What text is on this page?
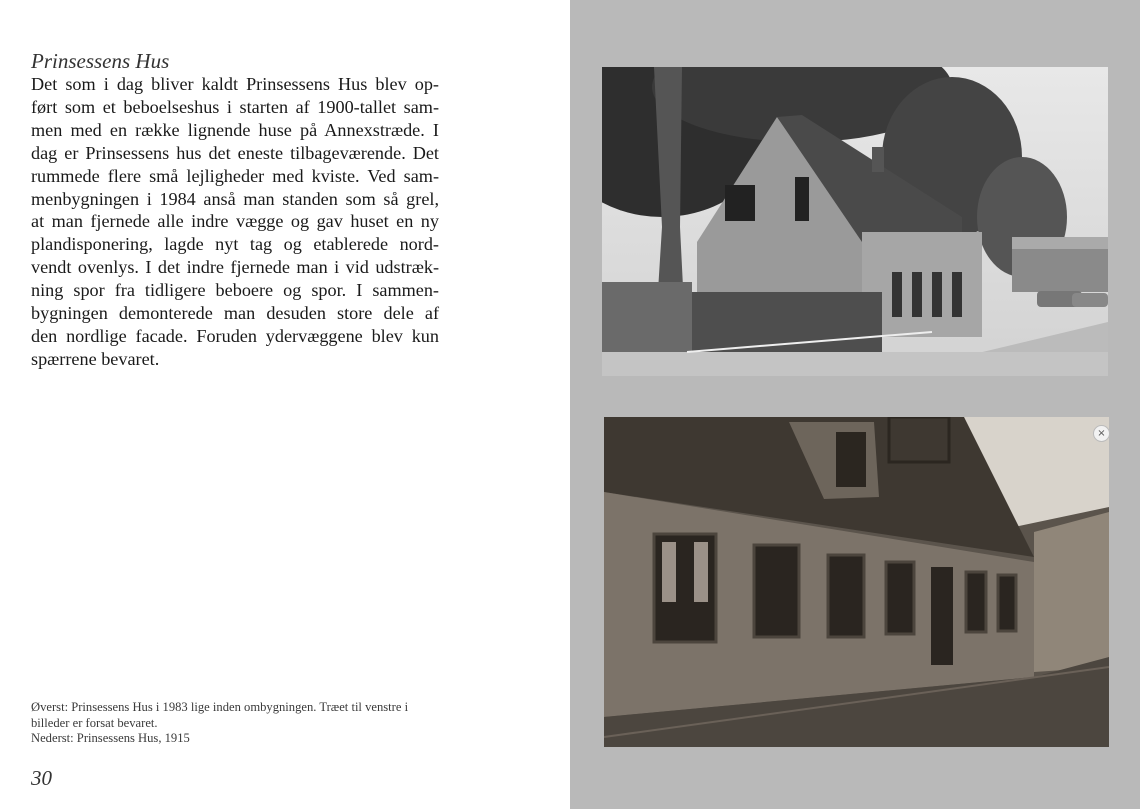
Prinsessens Hus
Det som i dag bliver kaldt Prinsessens Hus blev op-
ført som et beboelseshus i starten af 1900-tallet sam-
men med en række lignende huse på Annexstræde. I
dag er Prinsessens hus det eneste tilbageværende. Det
rummede flere små lejligheder med kviste. Ved sam-
menbygningen i 1984 anså man standen som så grel,
at man fjernede alle indre vægge og gav huset en ny
plandisponering, lagde nyt tag og etablerede nord-
vendt ovenlys. I det indre fjernede man i vid udstræk-
ning spor fra tidligere beboere og spor. I sammen-
bygningen demonterede man desuden store dele af
den nordlige facade. Foruden ydervæggene blev kun
spærrene bevaret.
Øverst: Prinsessens Hus i 1983 lige inden ombygningen. Træet til venstre i
billeder er forsat bevaret.
Nederst: Prinsessens Hus, 1915
30
×
